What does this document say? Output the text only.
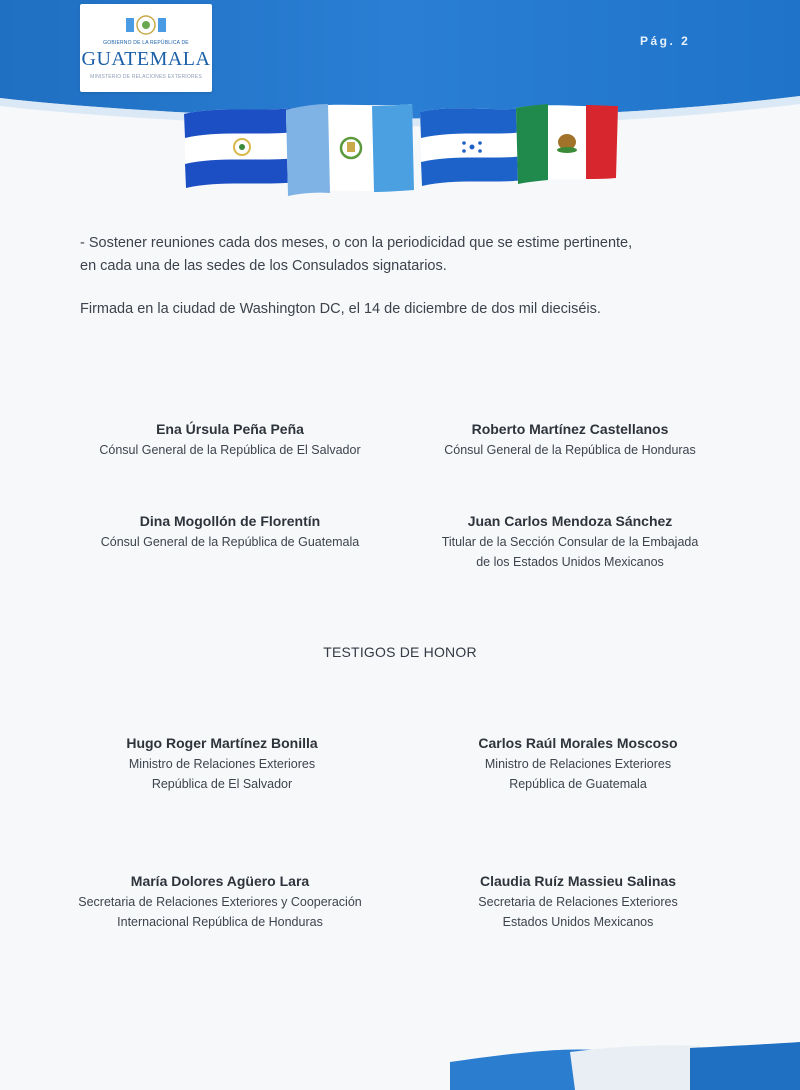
GOBIERNO DE LA REPÚBLICA DE
GUATEMALA
MINISTERIO DE RELACIONES EXTERIORES
Pág. 2

- Sostener reuniones cada dos meses, o con la periodicidad que se estime pertinente,

en cada una de las sedes de los Consulados signatarios.

Firmada en la ciudad de Washington DC, el 14 de diciembre de dos mil dieciséis.

Ena Úrsula Peña Peña
Cónsul General de la República de El Salvador
Roberto Martínez Castellanos
Cónsul General de la República de Honduras
Dina Mogollón de Florentín
Cónsul General de la República de Guatemala
Juan Carlos Mendoza Sánchez
Titular de la Sección Consular de la Embajada
de los Estados Unidos Mexicanos
TESTIGOS DE HONOR
Hugo Roger Martínez Bonilla
Ministro de Relaciones Exteriores
República de El Salvador
Carlos Raúl Morales Moscoso
Ministro de Relaciones Exteriores
República de Guatemala
María Dolores Agüero Lara
Secretaria de Relaciones Exteriores y Cooperación
Internacional República de Honduras
Claudia Ruíz Massieu Salinas
Secretaria de Relaciones Exteriores
Estados Unidos Mexicanos
